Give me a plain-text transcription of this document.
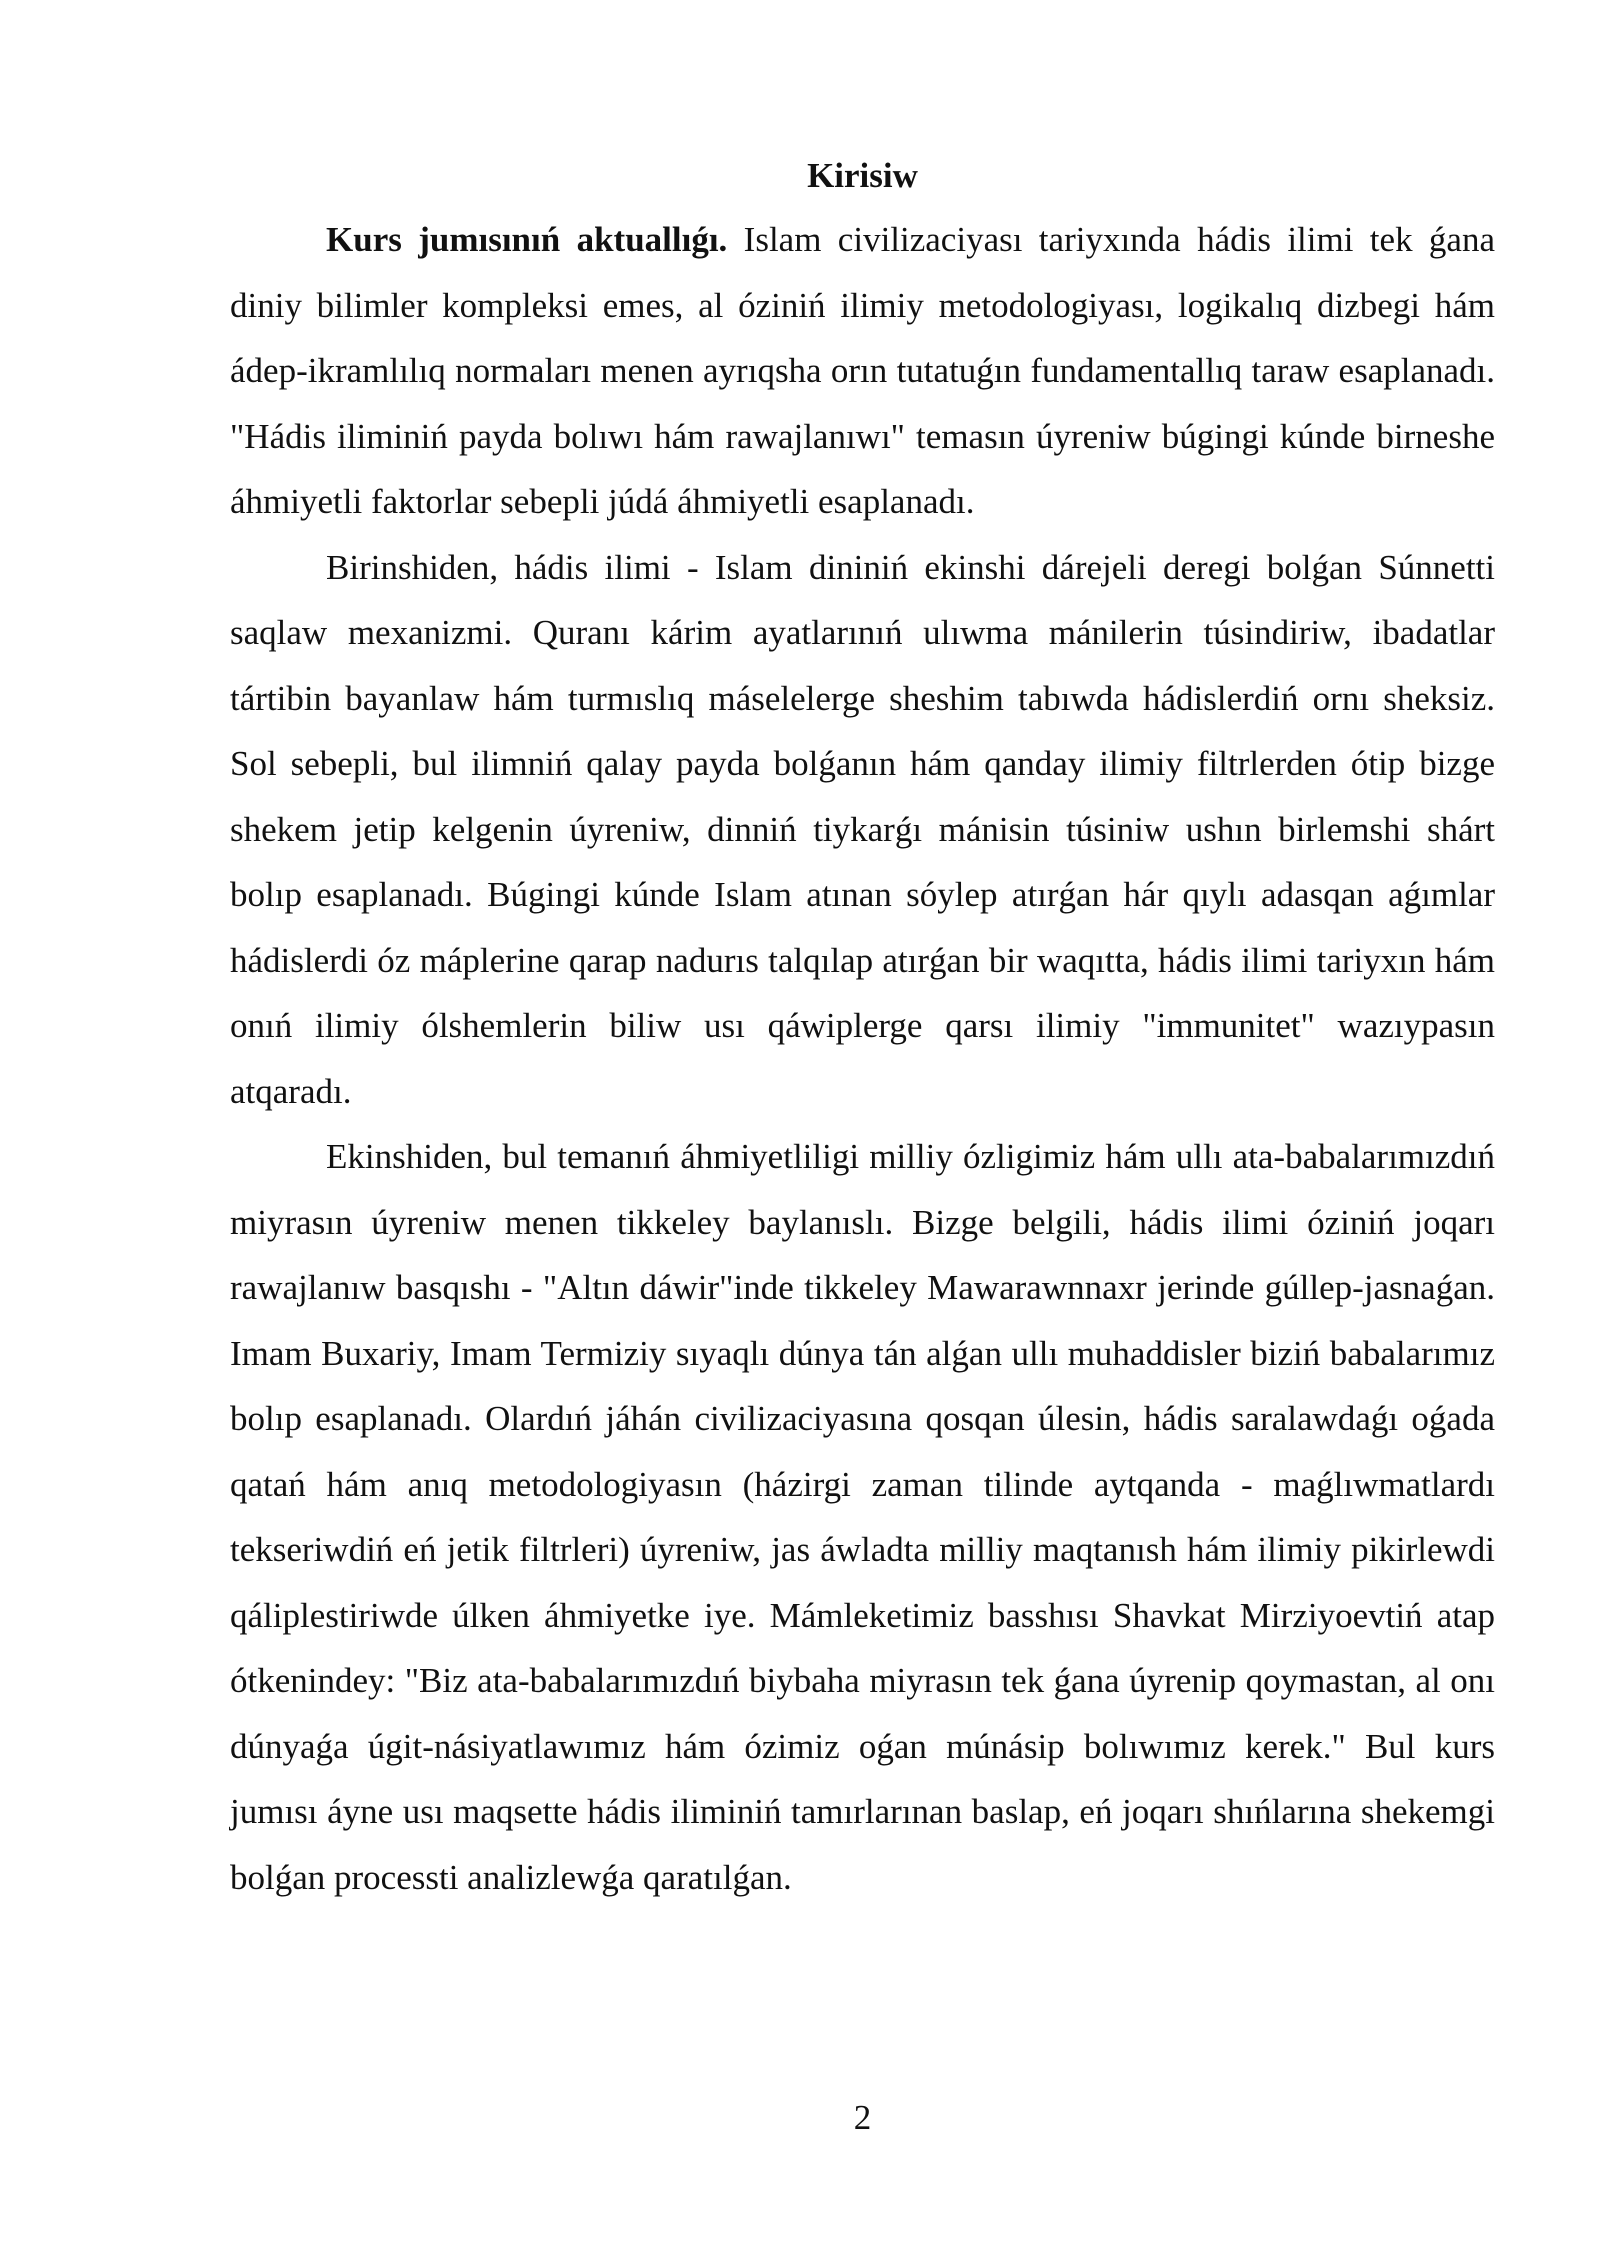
Kirisiw

Kurs jumısınıń aktuallıǵı. Islam civilizaciyası tariyxında hádis ilimi tek ǵana diniy bilimler kompleksi emes, al óziniń ilimiy metodologiyası, logikalıq dizbegi hám ádep-ikramlılıq normaları menen ayrıqsha orın tutatuǵın fundamentallıq taraw esaplanadı. "Hádis iliminiń payda bolıwı hám rawajlanıwı" temasın úyreniw búgingi kúnde birneshe áhmiyetli faktorlar sebepli júdá áhmiyetli esaplanadı.

Birinshiden, hádis ilimi - Islam dininiń ekinshi dárejeli deregi bolǵan Súnnetti saqlaw mexanizmi. Quranı kárim ayatlarınıń ulıwma mánilerin túsindiriw, ibadatlar tártibin bayanlaw hám turmıslıq máselelerge sheshim tabıwda hádislerdiń ornı sheksiz. Sol sebepli, bul ilimniń qalay payda bolǵanın hám qanday ilimiy filtrlerden ótip bizge shekem jetip kelgenin úyreniw, dinniń tiykarǵı mánisin túsiniw ushın birlemshi shárt bolıp esaplanadı. Búgingi kúnde Islam atınan sóylep atırǵan hár qıylı adasqan aǵımlar hádislerdi óz máplerine qarap nadurıs talqılap atırǵan bir waqıtta, hádis ilimi tariyxın hám onıń ilimiy ólshemlerin biliw usı qáwiplerge qarsı ilimiy "immunitet" wazıypasın atqaradı.

Ekinshiden, bul temanıń áhmiyetliligi milliy ózligimiz hám ullı ata-babalarımızdıń miyrasın úyreniw menen tikkeley baylanıslı. Bizge belgili, hádis ilimi óziniń joqarı rawajlanıw basqıshı - "Altın dáwir"inde tikkeley Mawarawnnaxr jerinde gúllep-jasnaǵan. Imam Buxariy, Imam Termiziy sıyaqlı dúnya tán alǵan ullı muhaddisler biziń babalarımız bolıp esaplanadı. Olardıń jáhán civilizaciyasına qosqan úlesin, hádis saralawdaǵı oǵada qatań hám anıq metodologiyasın (házirgi zaman tilinde aytqanda - maǵlıwmatlardı tekseriwdiń eń jetik filtrleri) úyreniw, jas áwladta milliy maqtanısh hám ilimiy pikirlewdi qáliplestiriwde úlken áhmiyetke iye. Mámleketimiz basshısı Shavkat Mirziyoevtiń atap ótkenindey: "Biz ata-babalarımızdıń biybaha miyrasın tek ǵana úyrenip qoymastan, al onı dúnyaǵa úgit-násiyatlawımız hám ózimiz oǵan múnásip bolıwımız kerek." Bul kurs jumısı áyne usı maqsette hádis iliminiń tamırlarınan baslap, eń joqarı shıńlarına shekemgi bolǵan processti analizlewǵa qaratılǵan.

2
